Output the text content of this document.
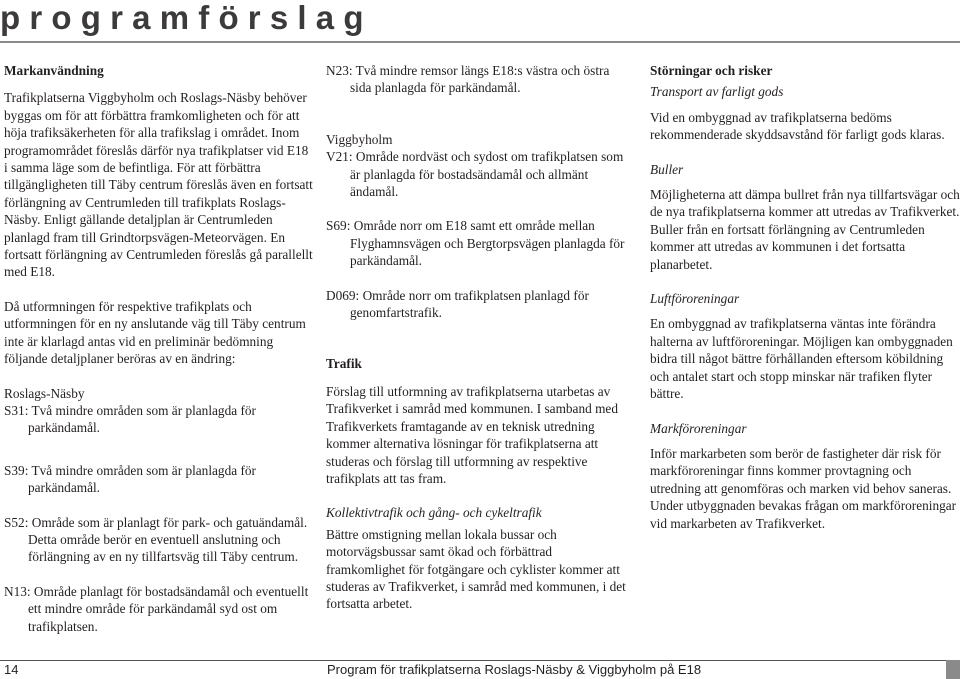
programförslag
Markanvändning

Trafikplatserna Viggbyholm och Roslags-Näsby behöver byggas om för att förbättra framkomligheten och för att höja trafiksäkerheten för alla trafikslag i området. Inom programområdet föreslås därför nya trafikplatser vid E18 i samma läge som de befintliga. För att förbättra tillgängligheten till Täby centrum föreslås även en fortsatt förlängning av Centrumleden till trafikplats Roslags-Näsby. Enligt gällande detaljplan är Centrumleden planlagd fram till Grindtorpsvägen-Meteorvägen. En fortsatt förlängning av Centrumleden föreslås gå parallellt med E18.

Då utformningen för respektive trafikplats och utformningen för en ny anslutande väg till Täby centrum inte är klarlagd antas vid en preliminär bedömning följande detaljplaner beröras av en ändring:

Roslags-Näsby

S31: Två mindre områden som är planlagda för parkändamål.

S39: Två mindre områden som är planlagda för parkändamål.

S52: Område som är planlagt för park- och gatuändamål. Detta område berör en eventuell anslutning och förlängning av en ny tillfartsväg till Täby centrum.

N13: Område planlagt för bostadsändamål och eventuellt ett mindre område för parkändamål syd ost om trafikplatsen.

N23: Två mindre remsor längs E18:s västra och östra sida planlagda för parkändamål.

Viggbyholm

V21: Område nordväst och sydost om trafikplatsen som är planlagda för bostadsändamål och allmänt ändamål.

S69: Område norr om E18 samt ett område mellan Flyghamnsvägen och Bergtorpsvägen planlagda för parkändamål.

D069: Område norr om trafikplatsen planlagd för genomfartstrafik.

Trafik

Förslag till utformning av trafikplatserna utarbetas av Trafikverket i samråd med kommunen. I samband med Trafikverkets framtagande av en teknisk utredning kommer alternativa lösningar för trafikplatserna att studeras och förslag till utformning av respektive trafikplats att tas fram.

Kollektivtrafik och gång- och cykeltrafik

Bättre omstigning mellan lokala bussar och motorvägsbussar samt ökad och förbättrad framkomlighet för fotgängare och cyklister kommer att studeras av Trafikverket, i samråd med kommunen, i det fortsatta arbetet.

Störningar och risker
Transport av farligt gods

Vid en ombyggnad av trafikplatserna bedöms rekommenderade skyddsavstånd för farligt gods klaras.

Buller

Möjligheterna att dämpa bullret från nya tillfartsvägar och de nya trafikplatserna kommer att utredas av Trafikverket. Buller från en fortsatt förlängning av Centrumleden kommer att utredas av kommunen i det fortsatta planarbetet.

Luftföroreningar

En ombyggnad av trafikplatserna väntas inte förändra halterna av luftföroreningar. Möjligen kan ombyggnaden bidra till något bättre förhållanden eftersom köbildning och antalet start och stopp minskar när trafiken flyter bättre.

Markföroreningar

Inför markarbeten som berör de fastigheter där risk för markföroreningar finns kommer provtagning och utredning att genomföras och marken vid behov saneras. Under utbyggnaden bevakas frågan om markföroreningar vid markarbeten av Trafikverket.

14	Program för trafikplatserna Roslags-Näsby & Viggbyholm på E18
